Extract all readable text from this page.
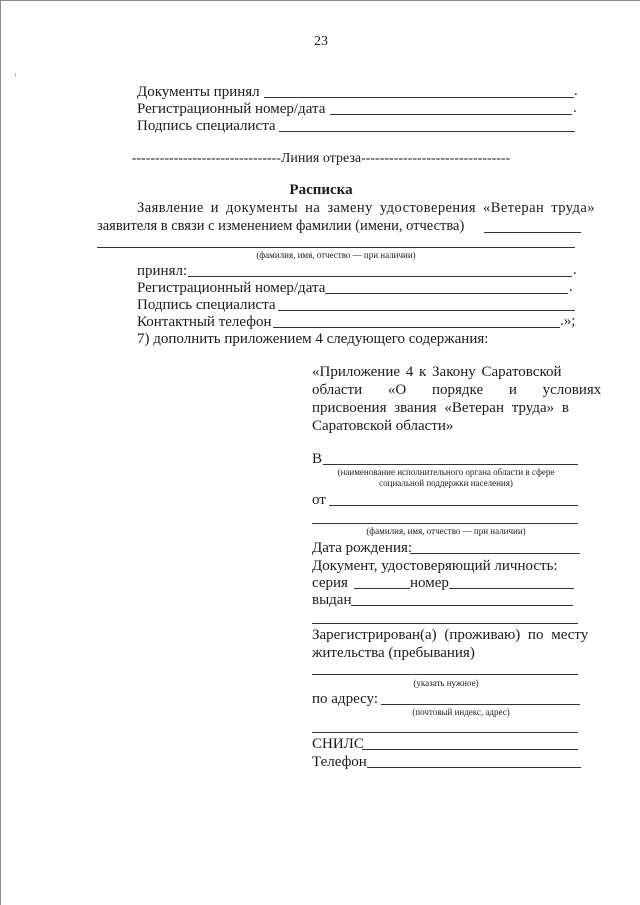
23
Документы принял	.
Регистрационный номер/дата	.
Подпись специалиста
--------------------------------Линия отреза--------------------------------
Расписка
Заявление и документы на замену удостоверения «Ветеран труда»
заявителя в связи с изменением фамилии (имени, отчества)
(фамилия, имя, отчество — при наличии)
принял:	.
Регистрационный номер/дата	.
Подпись специалиста
Контактный телефон	.»;
7) дополнить приложением 4 следующего содержания:
«Приложение 4 к Закону Саратовской
области «О порядке и условиях
присвоения звания «Ветеран труда» в
Саратовской области»
В
(наименование исполнительного органа области в сфере
социальной поддержки населения)
от
(фамилия, имя, отчество — при наличии)
Дата рождения:
Документ, удостоверяющий личность:
серия	номер
выдан
Зарегистрирован(а) (проживаю) по месту
жительства (пребывания)
(указать нужное)
по адресу:
(почтовый индекс, адрес)
СНИЛС
Телефон
